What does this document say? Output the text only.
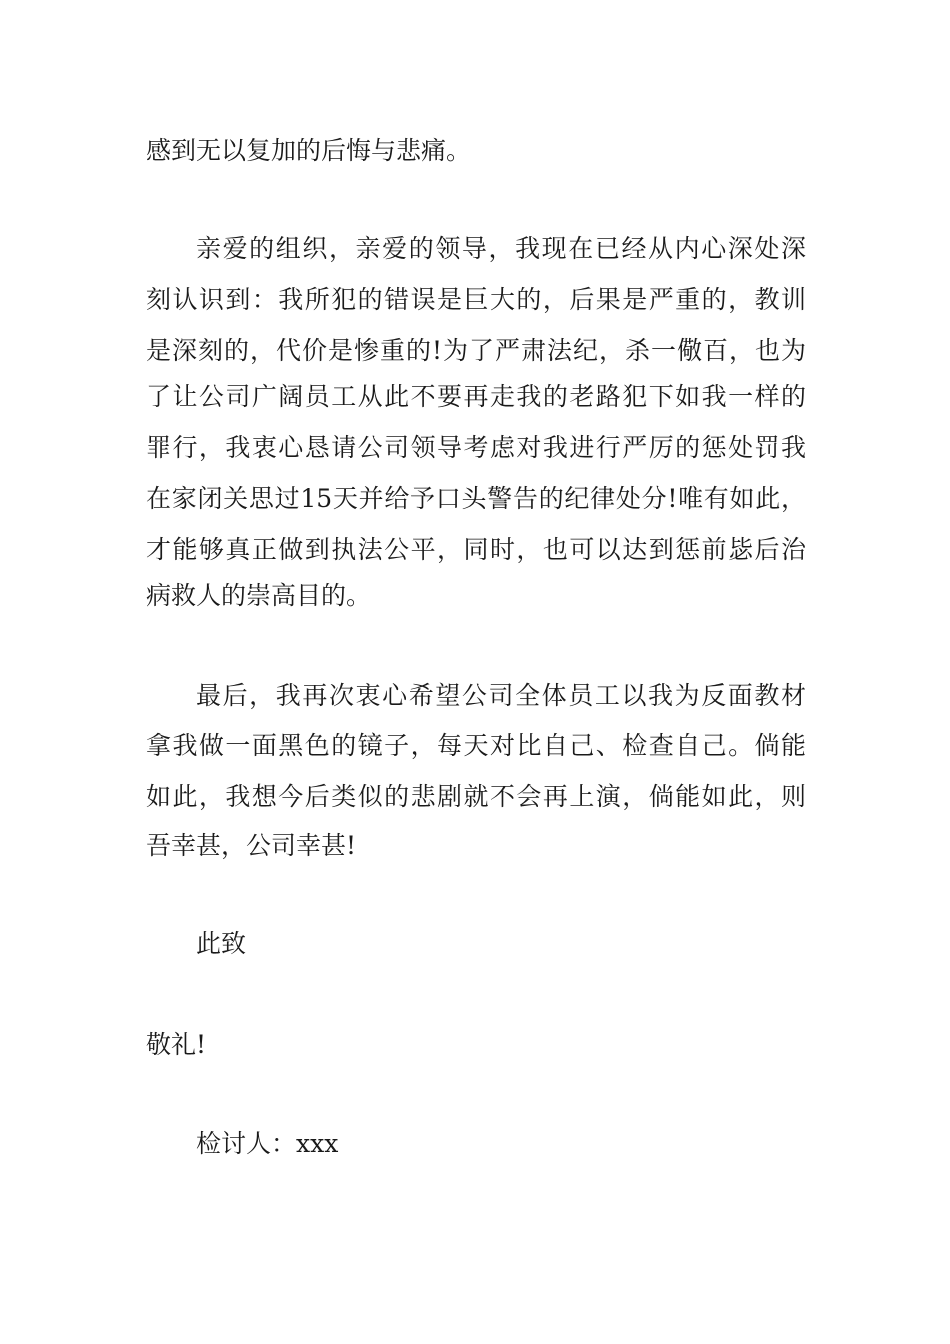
感到无以复加的后悔与悲痛。
亲爱的组织，亲爱的领导，我现在已经从内心深处深
刻认识到：我所犯的错误是巨大的，后果是严重的，教训
是深刻的，代价是惨重的!为了严肃法纪，杀一儆百，也为
了让公司广阔员工从此不要再走我的老路犯下如我一样的
罪行，我衷心恳请公司领导考虑对我进行严厉的惩处罚我
在家闭关思过15天并给予口头警告的纪律处分!唯有如此，
才能够真正做到执法公平，同时，也可以达到惩前毖后治
病救人的崇高目的。
最后，我再次衷心希望公司全体员工以我为反面教材
拿我做一面黑色的镜子，每天对比自己、检查自己。倘能
如此，我想今后类似的悲剧就不会再上演，倘能如此，则
吾幸甚，公司幸甚!
此致
敬礼!
检讨人：xxx
